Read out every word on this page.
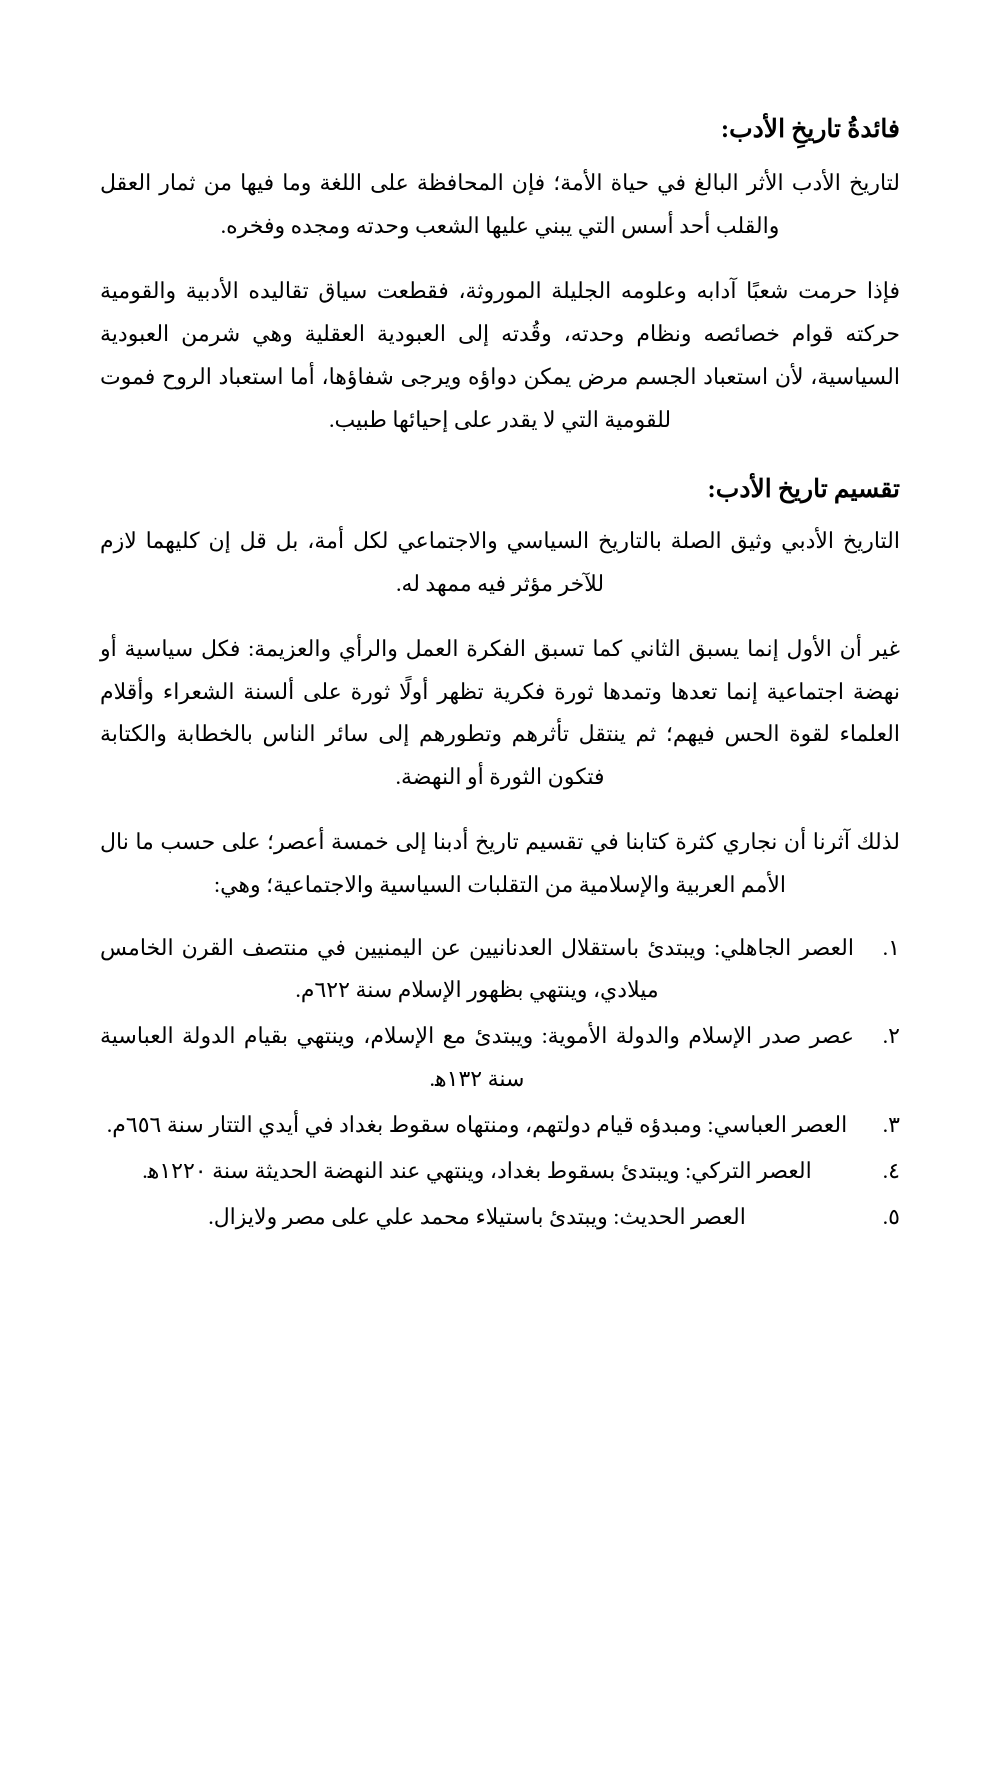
فائدةُ تاريخِ الأدب:

لتاريخ الأدب الأثر البالغ في حياة الأمة؛ فإن المحافظة على اللغة وما فيها من ثمار العقل والقلب أحد أسس التي يبني عليها الشعب وحدته ومجده وفخره.

فإذا حرمت شعبًا آدابه وعلومه الجليلة الموروثة، فقطعت سياق تقاليده الأدبية والقومية حركته قوام خصائصه ونظام وحدته، وقُدته إلى العبودية العقلية وهي شرمن العبودية السياسية، لأن استعباد الجسم مرض يمكن دواؤه ويرجى شفاؤها، أما استعباد الروح فموت للقومية التي لا يقدر على إحيائها طبيب.

تقسيم تاريخ الأدب:

التاريخ الأدبي وثيق الصلة بالتاريخ السياسي والاجتماعي لكل أمة، بل قل إن كليهما لازم للآخر مؤثر فيه ممهد له.

غير أن الأول إنما يسبق الثاني كما تسبق الفكرة العمل والرأي والعزيمة: فكل سياسية أو نهضة اجتماعية إنما تعدها وتمدها ثورة فكرية تظهر أولًا ثورة على ألسنة الشعراء وأقلام العلماء لقوة الحس فيهم؛ ثم ينتقل تأثرهم وتطورهم إلى سائر الناس بالخطابة والكتابة فتكون الثورة أو النهضة.

لذلك آثرنا أن نجاري كثرة كتابنا في تقسيم تاريخ أدبنا إلى خمسة أعصر؛ على حسب ما نال الأمم العربية والإسلامية من التقلبات السياسية والاجتماعية؛ وهي:

١.
العصر الجاهلي: ويبتدئ باستقلال العدنانيين عن اليمنيين في منتصف القرن الخامس ميلادي، وينتهي بظهور الإسلام سنة ٦٢٢م.
٢.
عصر صدر الإسلام والدولة الأموية: ويبتدئ مع الإسلام، وينتهي بقيام الدولة العباسية سنة ١٣٢ﻫ.
٣.
العصر العباسي: ومبدؤه قيام دولتهم، ومنتهاه سقوط بغداد في أيدي التتار سنة ٦٥٦م.
٤.
العصر التركي: ويبتدئ بسقوط بغداد، وينتهي عند النهضة الحديثة سنة ١٢٢٠ﻫ.
٥.
العصر الحديث: ويبتدئ باستيلاء محمد علي على مصر ولايزال.
